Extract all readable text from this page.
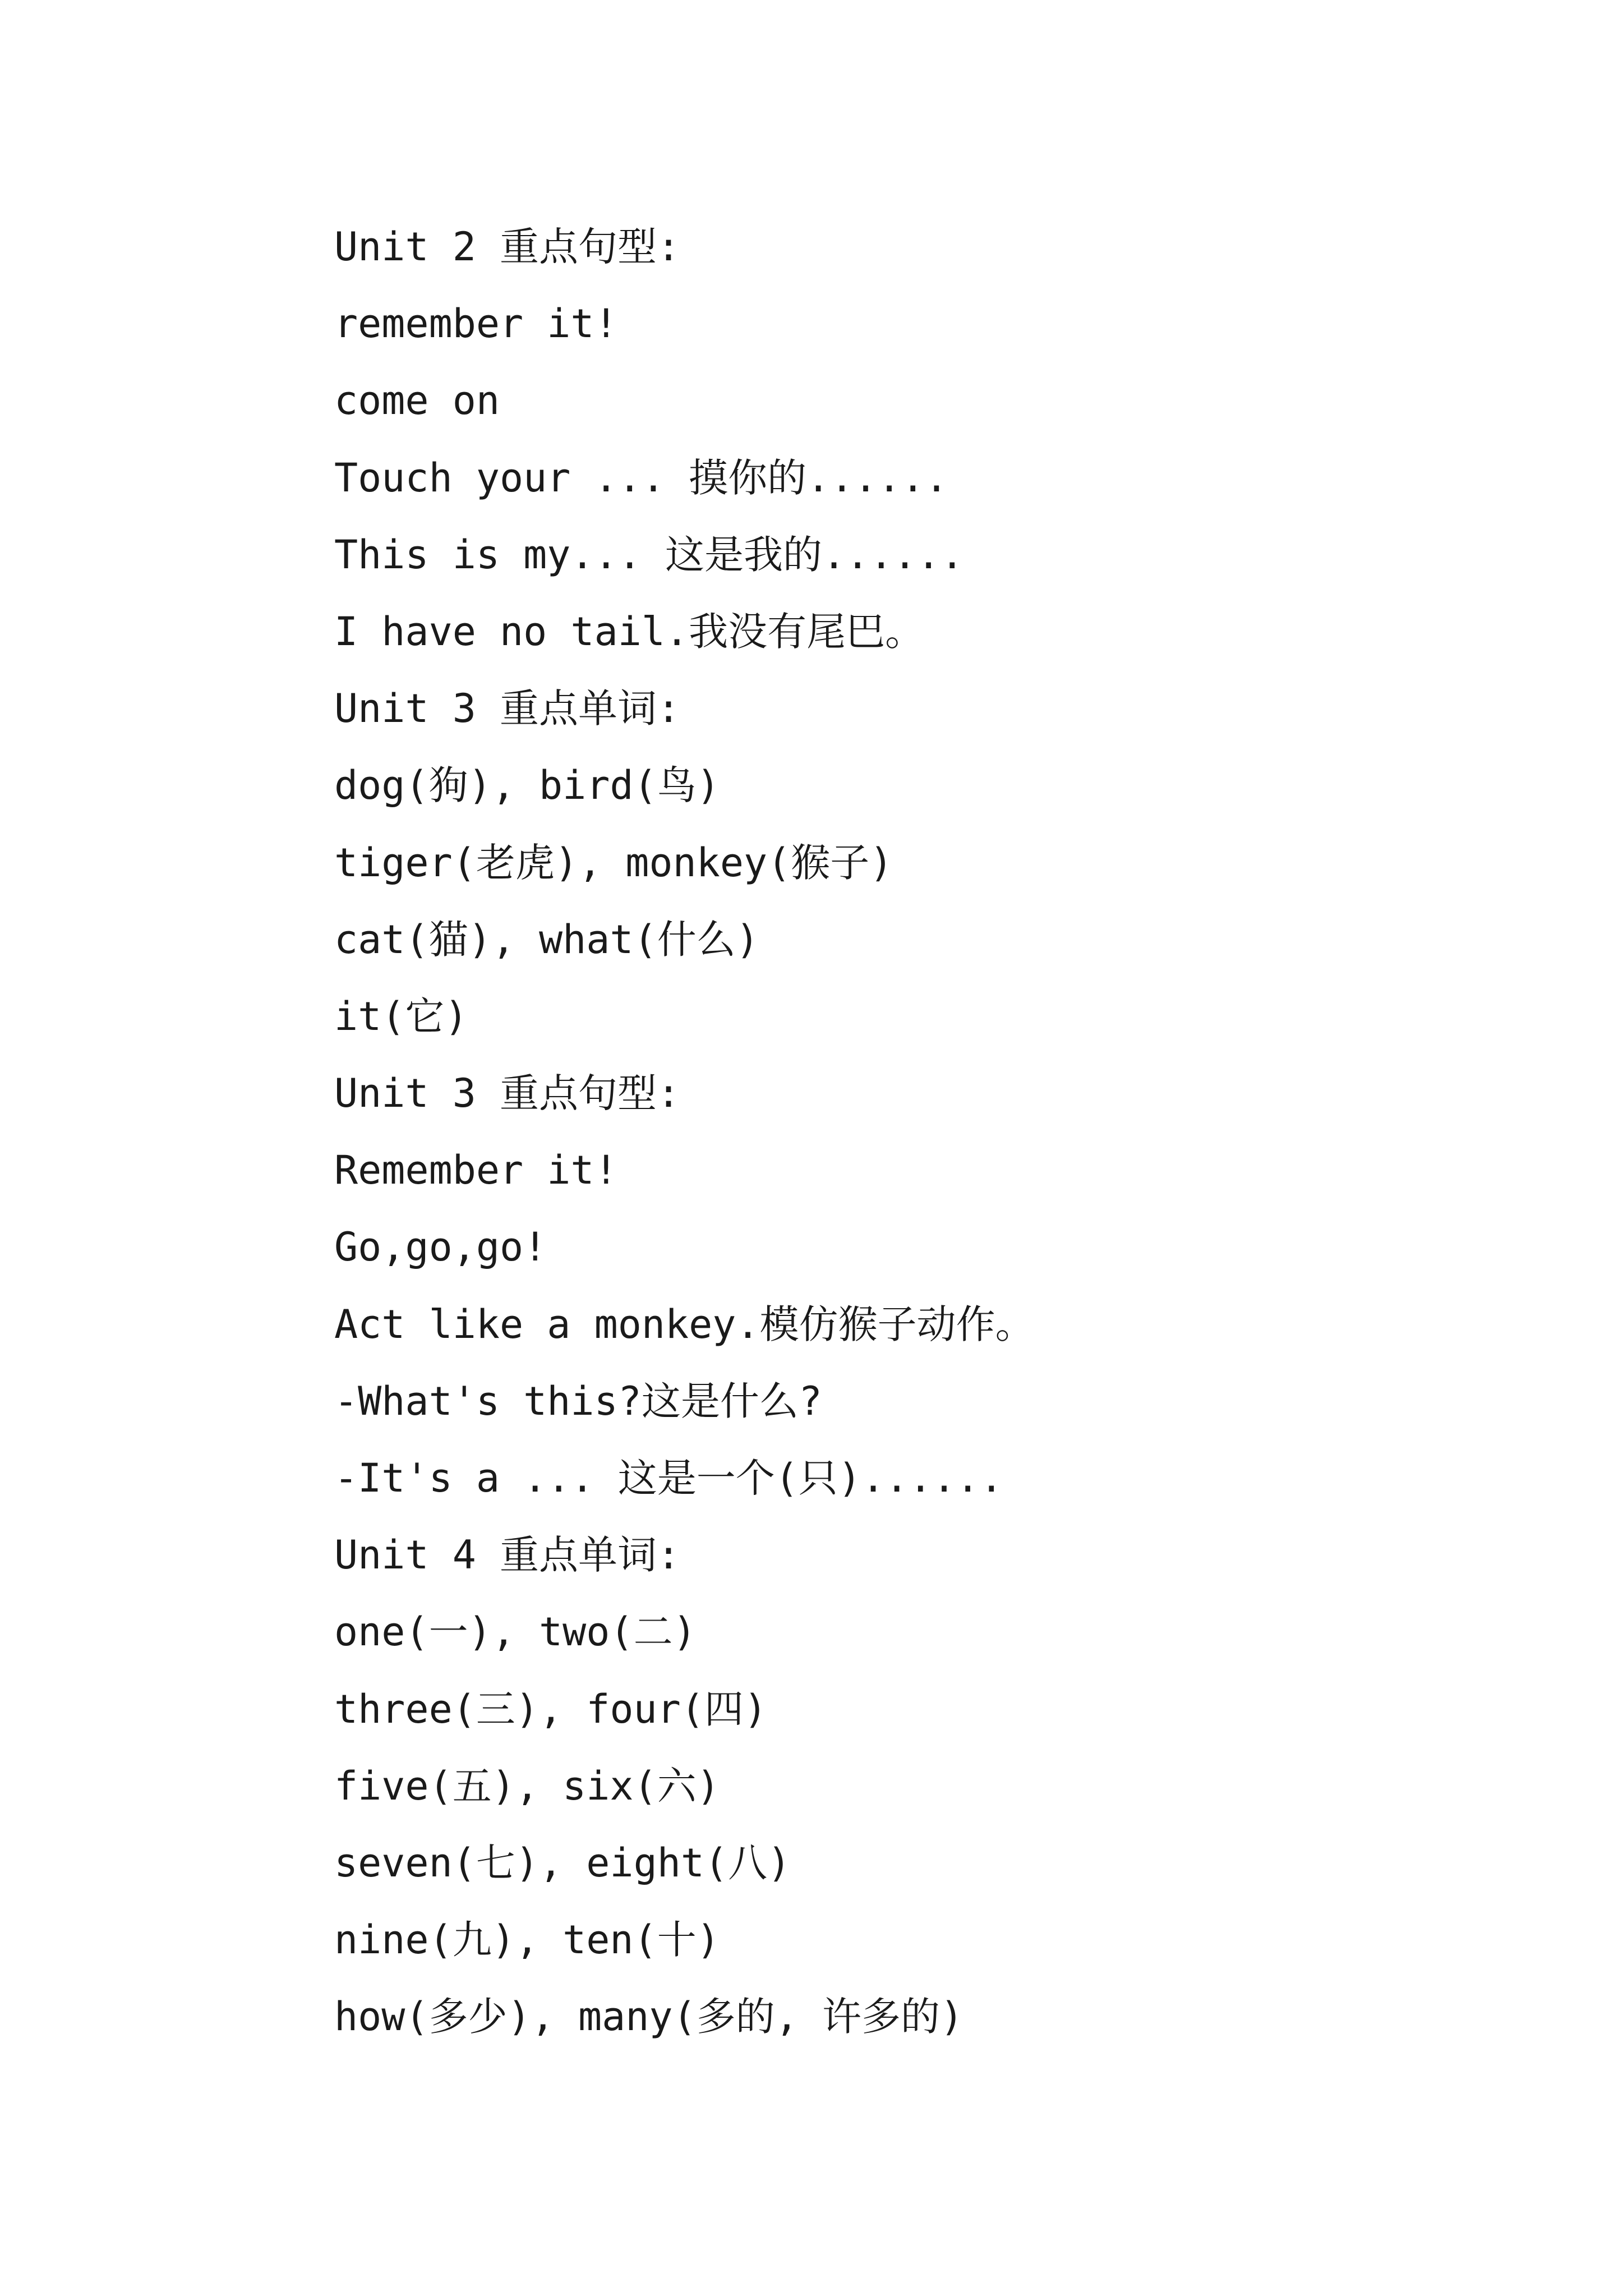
Unit 2 重点句型:
remember it!
come on
Touch your ... 摸你的......
This is my... 这是我的......
I have no tail.我没有尾巴。
Unit 3 重点单词:
dog(狗), bird(鸟)
tiger(老虎), monkey(猴子)
cat(猫), what(什么)
it(它)
Unit 3 重点句型:
Remember it!
Go,go,go!
Act like a monkey.模仿猴子动作。
-What's this?这是什么?
-It's a ... 这是一个(只)......
Unit 4 重点单词:
one(一), two(二)
three(三), four(四)
five(五), six(六)
seven(七), eight(八)
nine(九), ten(十)
how(多少), many(多的, 许多的)
